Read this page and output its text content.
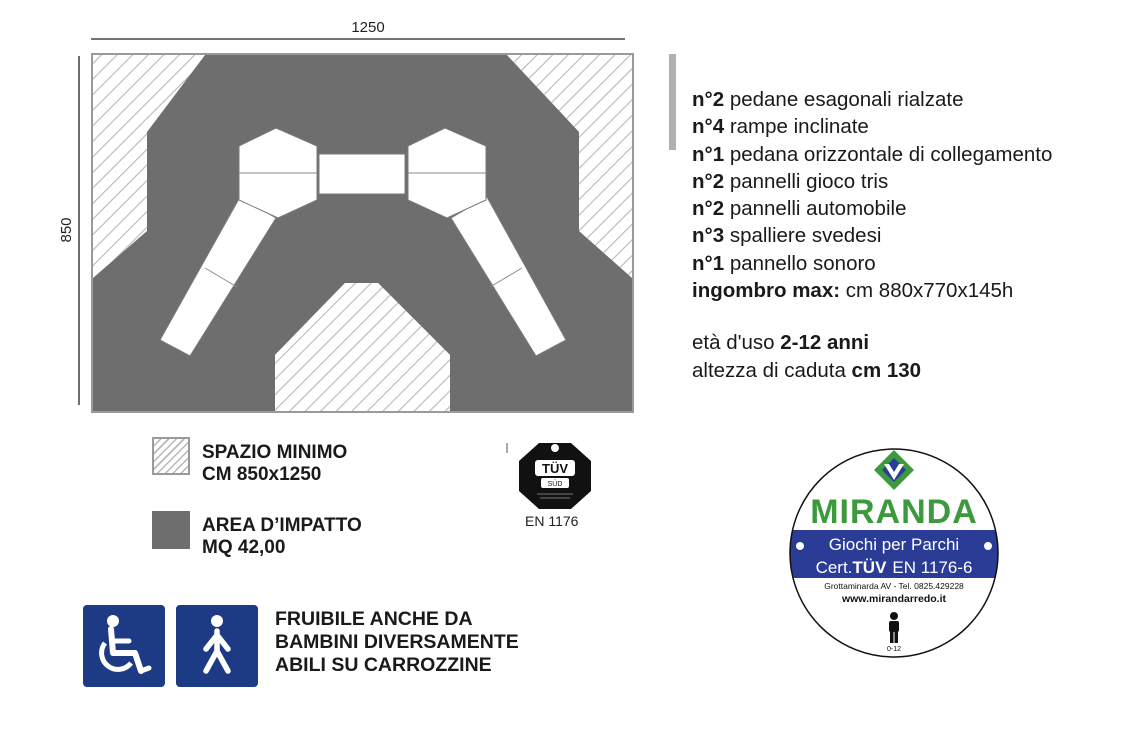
1250
850
SPAZIO MINIMO
CM 850x1250
AREA D’IMPATTO
MQ 42,00
TÜV
SÜD
EN 1176
n°2 pedane esagonali rialzate
n°4 rampe inclinate
n°1 pedana orizzontale di collegamento
n°2 pannelli gioco tris
n°2 pannelli automobile
n°3 spalliere svedesi
n°1 pannello sonoro
ingombro max: cm 880x770x145h
età d'uso 2-12 anni
altezza di caduta cm 130
MIRANDA
Giochi per Parchi
Cert.TÜV EN 1176-6
Grottaminarda AV - Tel. 0825.429228
www.mirandarredo.it
0-12
FRUIBILE ANCHE DA
BAMBINI DIVERSAMENTE
ABILI SU CARROZZINE
